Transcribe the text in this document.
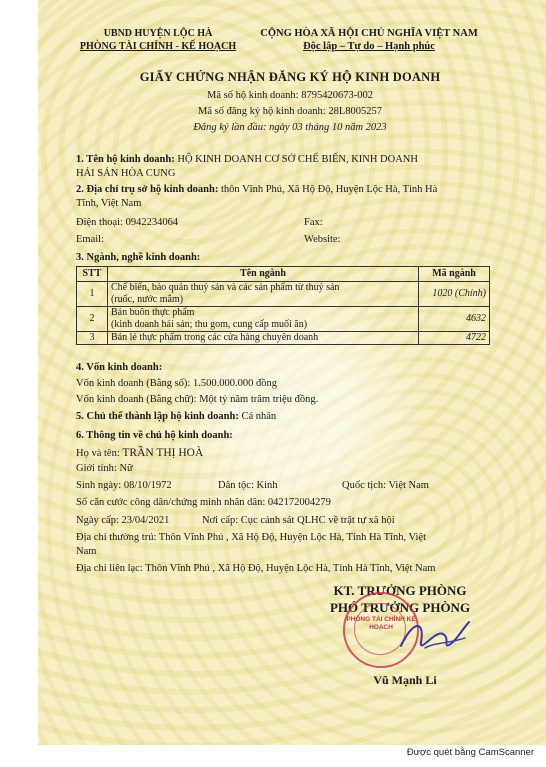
UBND HUYỆN LỘC HÀ
PHÒNG TÀI CHÍNH - KẾ HOẠCH
CỘNG HÒA XÃ HỘI CHỦ NGHĨA VIỆT NAM
Độc lập – Tự do – Hạnh phúc
GIẤY CHỨNG NHẬN ĐĂNG KÝ HỘ KINH DOANH
Mã số hộ kinh doanh: 8795420673-002
Mã số đăng ký hộ kinh doanh: 28L8005257
Đăng ký lần đầu: ngày 03 tháng 10 năm 2023
1. Tên hộ kinh doanh: HỘ KINH DOANH CƠ SỞ CHẾ BIẾN, KINH DOANH
HẢI SẢN HÒA CUNG
2. Địa chỉ trụ sở hộ kinh doanh: thôn Vĩnh Phú, Xã Hộ Độ, Huyện Lộc Hà, Tỉnh Hà
Tĩnh, Việt Nam
Điện thoại: 0942234064	Fax:
Email:	Website:
3. Ngành, nghề kinh doanh:
STT	Tên ngành	Mã ngành
1	Chế biến, bảo quản thuỷ sản và các sản phẩm từ thuỷ sản
(ruốc, nước mắm)	1020 (Chính)
2	Bán buôn thực phẩm
(kinh doanh hải sản; thu gom, cung cấp muối ăn)	4632
3	Bán lẻ thực phẩm trong các cửa hàng chuyên doanh	4722
4. Vốn kinh doanh:
Vốn kinh doanh (Bằng số): 1.500.000.000 đồng
Vốn kinh doanh (Bằng chữ): Một tỷ năm trăm triệu đồng.
5. Chủ thể thành lập hộ kinh doanh: Cá nhân
6. Thông tin về chủ hộ kinh doanh:
Họ và tên: TRẦN THỊ HOÀ
Giới tính: Nữ
Sinh ngày: 08/10/1972	Dân tộc: Kinh	Quốc tịch: Việt Nam
Số căn cước công dân/chứng minh nhân dân: 042172004279
Ngày cấp: 23/04/2021	Nơi cấp: Cục cảnh sát QLHC về trật tự xã hội
Địa chỉ thường trú: Thôn Vĩnh Phú , Xã Hộ Độ, Huyện Lộc Hà, Tỉnh Hà Tĩnh, Việt
Nam
Địa chỉ liên lạc: Thôn Vĩnh Phú , Xã Hộ Độ, Huyện Lộc Hà, Tỉnh Hà Tĩnh, Việt Nam
KT. TRƯỞNG PHÒNG
PHÓ TRƯỞNG PHÒNG
PHÒNG TÀI CHÍNH KẾ HOẠCH
Vũ Mạnh Li
Được quét bằng CamScanner
